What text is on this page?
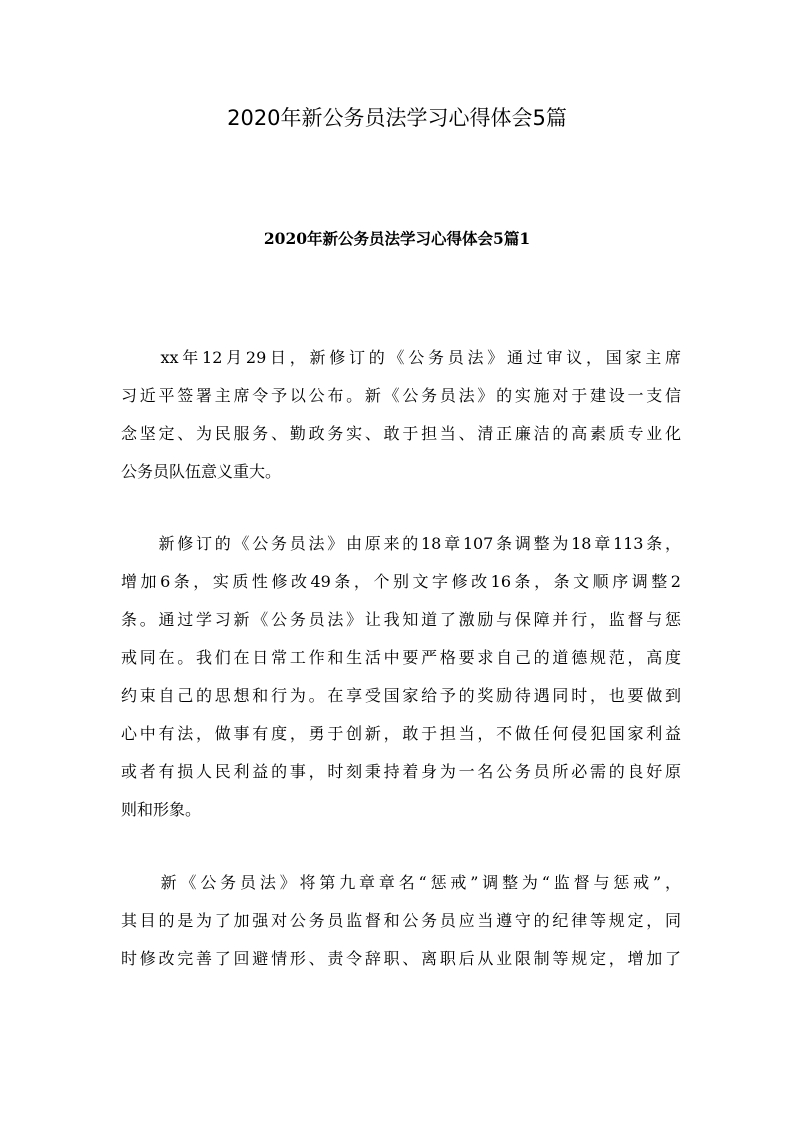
2020年新公务员法学习心得体会5篇
2020年新公务员法学习心得体会5篇1
　　xx年12月29日，新修订的《公务员法》通过审议，国家主席
习近平签署主席令予以公布。新《公务员法》的实施对于建设一支信
念坚定、为民服务、勤政务实、敢于担当、清正廉洁的高素质专业化
公务员队伍意义重大。
　　新修订的《公务员法》由原来的18章107条调整为18章113条，
增加6条，实质性修改49条，个别文字修改16条，条文顺序调整2
条。通过学习新《公务员法》让我知道了激励与保障并行，监督与惩
戒同在。我们在日常工作和生活中要严格要求自己的道德规范，高度
约束自己的思想和行为。在享受国家给予的奖励待遇同时，也要做到
心中有法，做事有度，勇于创新，敢于担当，不做任何侵犯国家利益
或者有损人民利益的事，时刻秉持着身为一名公务员所必需的良好原
则和形象。
　　新《公务员法》将第九章章名“惩戒”调整为“监督与惩戒”，
其目的是为了加强对公务员监督和公务员应当遵守的纪律等规定，同
时修改完善了回避情形、责令辞职、离职后从业限制等规定，增加了
